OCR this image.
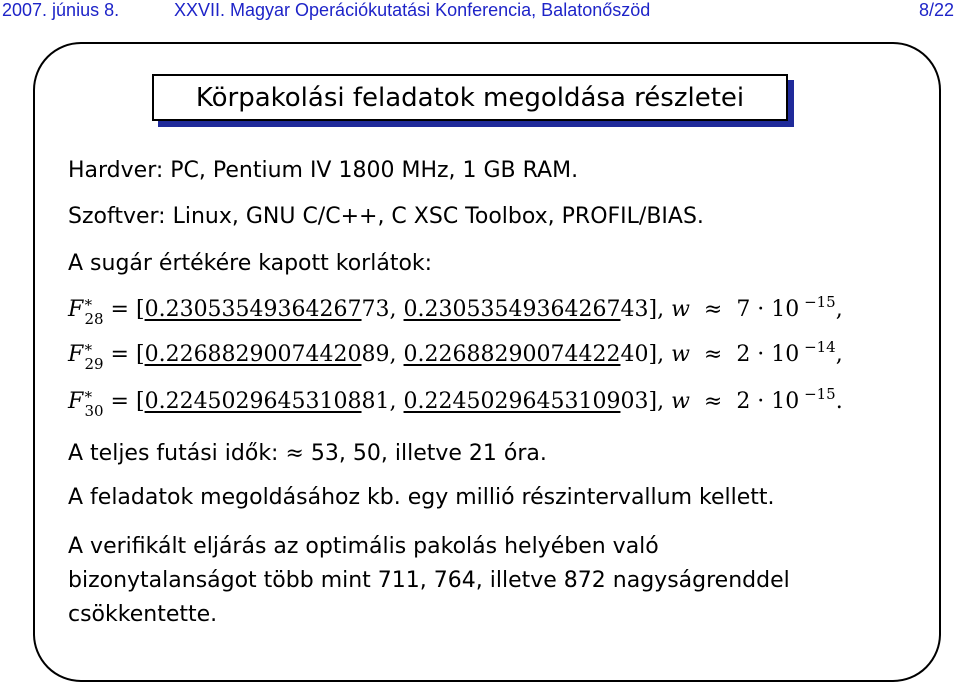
2007. június 8.	XXVII. Magyar Operációkutatási Konferencia, Balatonőszöd	8/22
Körpakolási feladatok megoldása részletei
Hardver: PC, Pentium IV 1800 MHz, 1 GB RAM.
Szoftver: Linux, GNU C/C++, C XSC Toolbox, PROFIL/BIAS.
A sugár értékére kapott korlátok:
$F^∗_{28} = [0.2305354936426773$, 0.2305354936426743], w  ≈  7 · 10 $^{-15}$,
$F^∗_{29} = [0.2268829007442089$, 0.2268829007442240], w  ≈  2 · 10 $^{-14}$,
$F^∗_{30} = [0.2245029645310881$, 0.2245029645310903], w  ≈  2 · 10 $^{-15}$.
A teljes futási idők: ≈ 53, 50, illetve 21 óra.
A feladatok megoldásához kb. egy millió részintervallum kellett.
A verifikált eljárás az optimális pakolás helyében való
bizonytalanságot több mint 711, 764, illetve 872 nagyságrenddel
csökkentette.
